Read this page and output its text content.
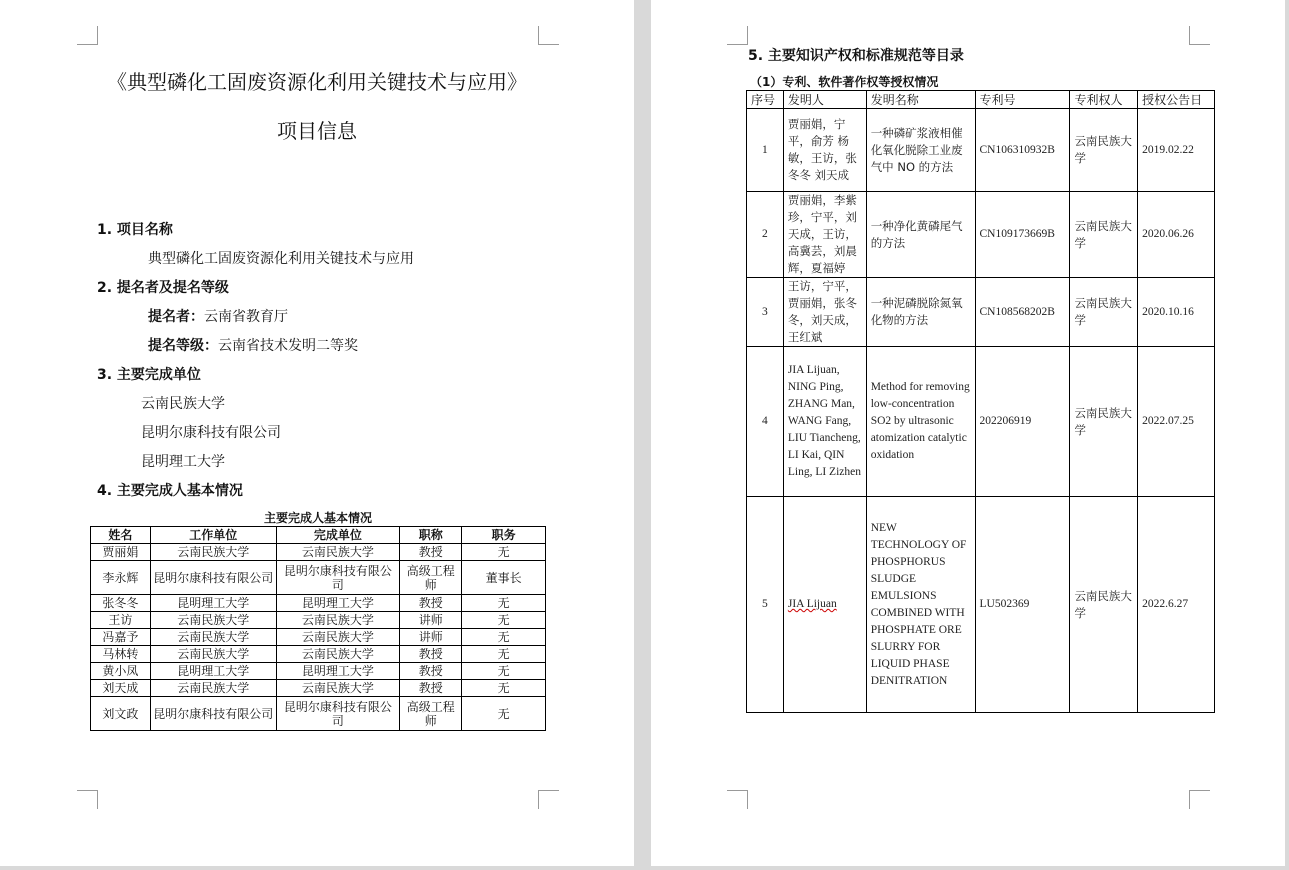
《典型磷化工固废资源化利用关键技术与应用》
项目信息
1. 项目名称
典型磷化工固废资源化利用关键技术与应用
2. 提名者及提名等级
提名者：云南省教育厅
提名等级：云南省技术发明二等奖
3. 主要完成单位
云南民族大学
昆明尔康科技有限公司
昆明理工大学
4. 主要完成人基本情况
主要完成人基本情况
姓名	工作单位	完成单位	职称	职务
贾丽娟	云南民族大学	云南民族大学	教授	无
李永辉	昆明尔康科技有限公司	昆明尔康科技有限公司	高级工程师	董事长
张冬冬	昆明理工大学	昆明理工大学	教授	无
王访	云南民族大学	云南民族大学	讲师	无
冯嘉予	云南民族大学	云南民族大学	讲师	无
马林转	云南民族大学	云南民族大学	教授	无
黄小凤	昆明理工大学	昆明理工大学	教授	无
刘天成	云南民族大学	云南民族大学	教授	无
刘文政	昆明尔康科技有限公司	昆明尔康科技有限公司	高级工程师	无
5. 主要知识产权和标准规范等目录
（1）专利、软件著作权等授权情况
序号	发明人	发明名称	专利号	专利权人	授权公告日
1	贾丽娟，宁平，俞芳 杨敏，王访，张冬冬 刘天成	一种磷矿浆液相催化氧化脱除工业废气中 NO 的方法	CN106310932B	云南民族大学	2019.02.22
2	贾丽娟，李紫珍，宁平，刘天成，王访，高冀芸，刘晨辉，夏福婷	一种净化黄磷尾气的方法	CN109173669B	云南民族大学	2020.06.26
3	王访，宁平，贾丽娟，张冬冬，刘天成，王红斌	一种泥磷脱除氮氧化物的方法	CN108568202B	云南民族大学	2020.10.16
4	JIA Lijuan, NING Ping, ZHANG Man, WANG Fang, LIU Tiancheng, LI Kai, QIN Ling, LI Zizhen	Method for removing low-concentration SO2 by ultrasonic atomization catalytic oxidation	202206919	云南民族大学	2022.07.25
5	JIA Lijuan	NEW TECHNOLOGY OF PHOSPHORUS SLUDGE EMULSIONS COMBINED WITH PHOSPHATE ORE SLURRY FOR LIQUID PHASE DENITRATION	LU502369	云南民族大学	2022.6.27
